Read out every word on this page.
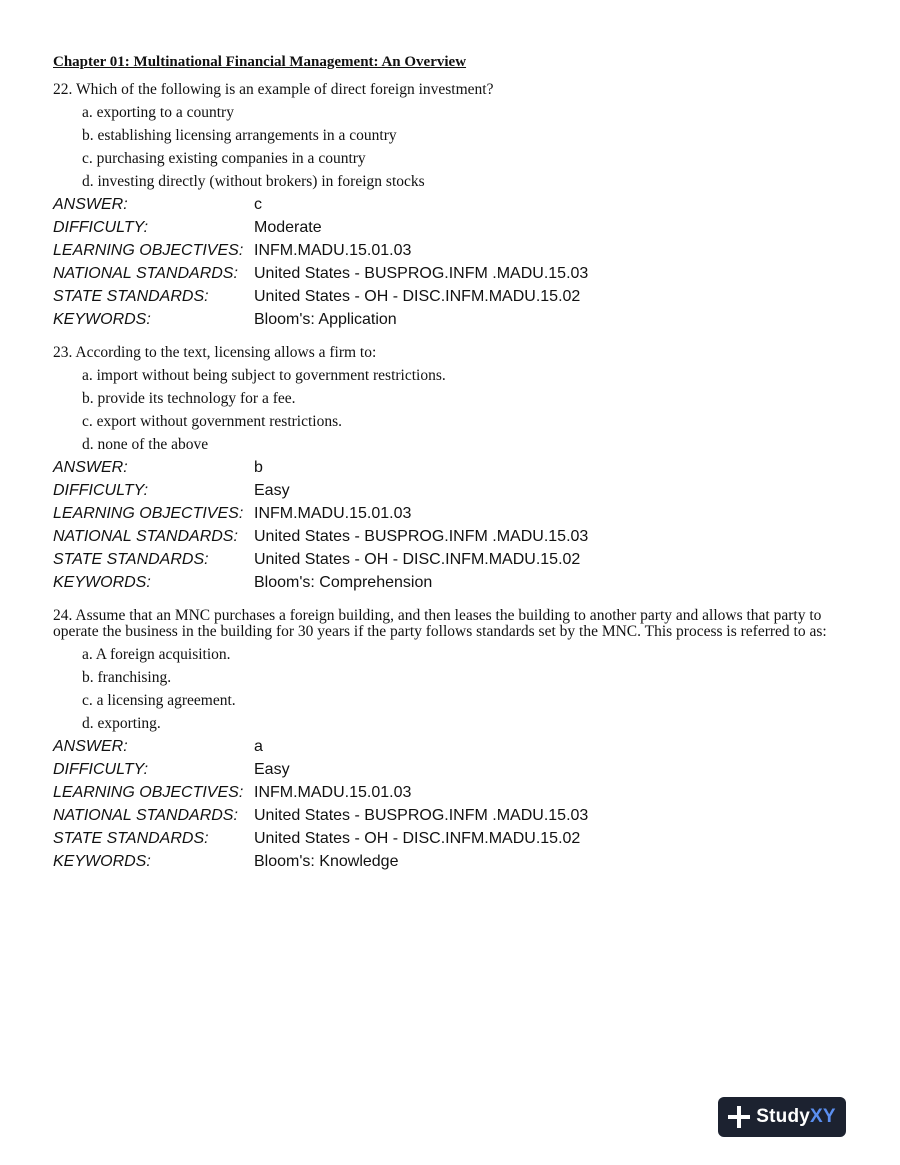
Chapter 01: Multinational Financial Management: An Overview
22. Which of the following is an example of direct foreign investment?
a. exporting to a country
b. establishing licensing arrangements in a country
c. purchasing existing companies in a country
d. investing directly (without brokers) in foreign stocks
ANSWER:	c
DIFFICULTY:	Moderate
LEARNING OBJECTIVES:	INFM.MADU.15.01.03
NATIONAL STANDARDS:	United States - BUSPROG.INFM .MADU.15.03
STATE STANDARDS:	United States - OH - DISC.INFM.MADU.15.02
KEYWORDS:	Bloom's: Application
23. According to the text, licensing allows a firm to:
a. import without being subject to government restrictions.
b. provide its technology for a fee.
c. export without government restrictions.
d. none of the above
ANSWER:	b
DIFFICULTY:	Easy
LEARNING OBJECTIVES:	INFM.MADU.15.01.03
NATIONAL STANDARDS:	United States - BUSPROG.INFM .MADU.15.03
STATE STANDARDS:	United States - OH - DISC.INFM.MADU.15.02
KEYWORDS:	Bloom's: Comprehension
24. Assume that an MNC purchases a foreign building, and then leases the building to another party and allows that party to operate the business in the building for 30 years if the party follows standards set by the MNC. This process is referred to as:
a. A foreign acquisition.
b. franchising.
c. a licensing agreement.
d. exporting.
ANSWER:	a
DIFFICULTY:	Easy
LEARNING OBJECTIVES:	INFM.MADU.15.01.03
NATIONAL STANDARDS:	United States - BUSPROG.INFM .MADU.15.03
STATE STANDARDS:	United States - OH - DISC.INFM.MADU.15.02
KEYWORDS:	Bloom's: Knowledge
StudyXY
